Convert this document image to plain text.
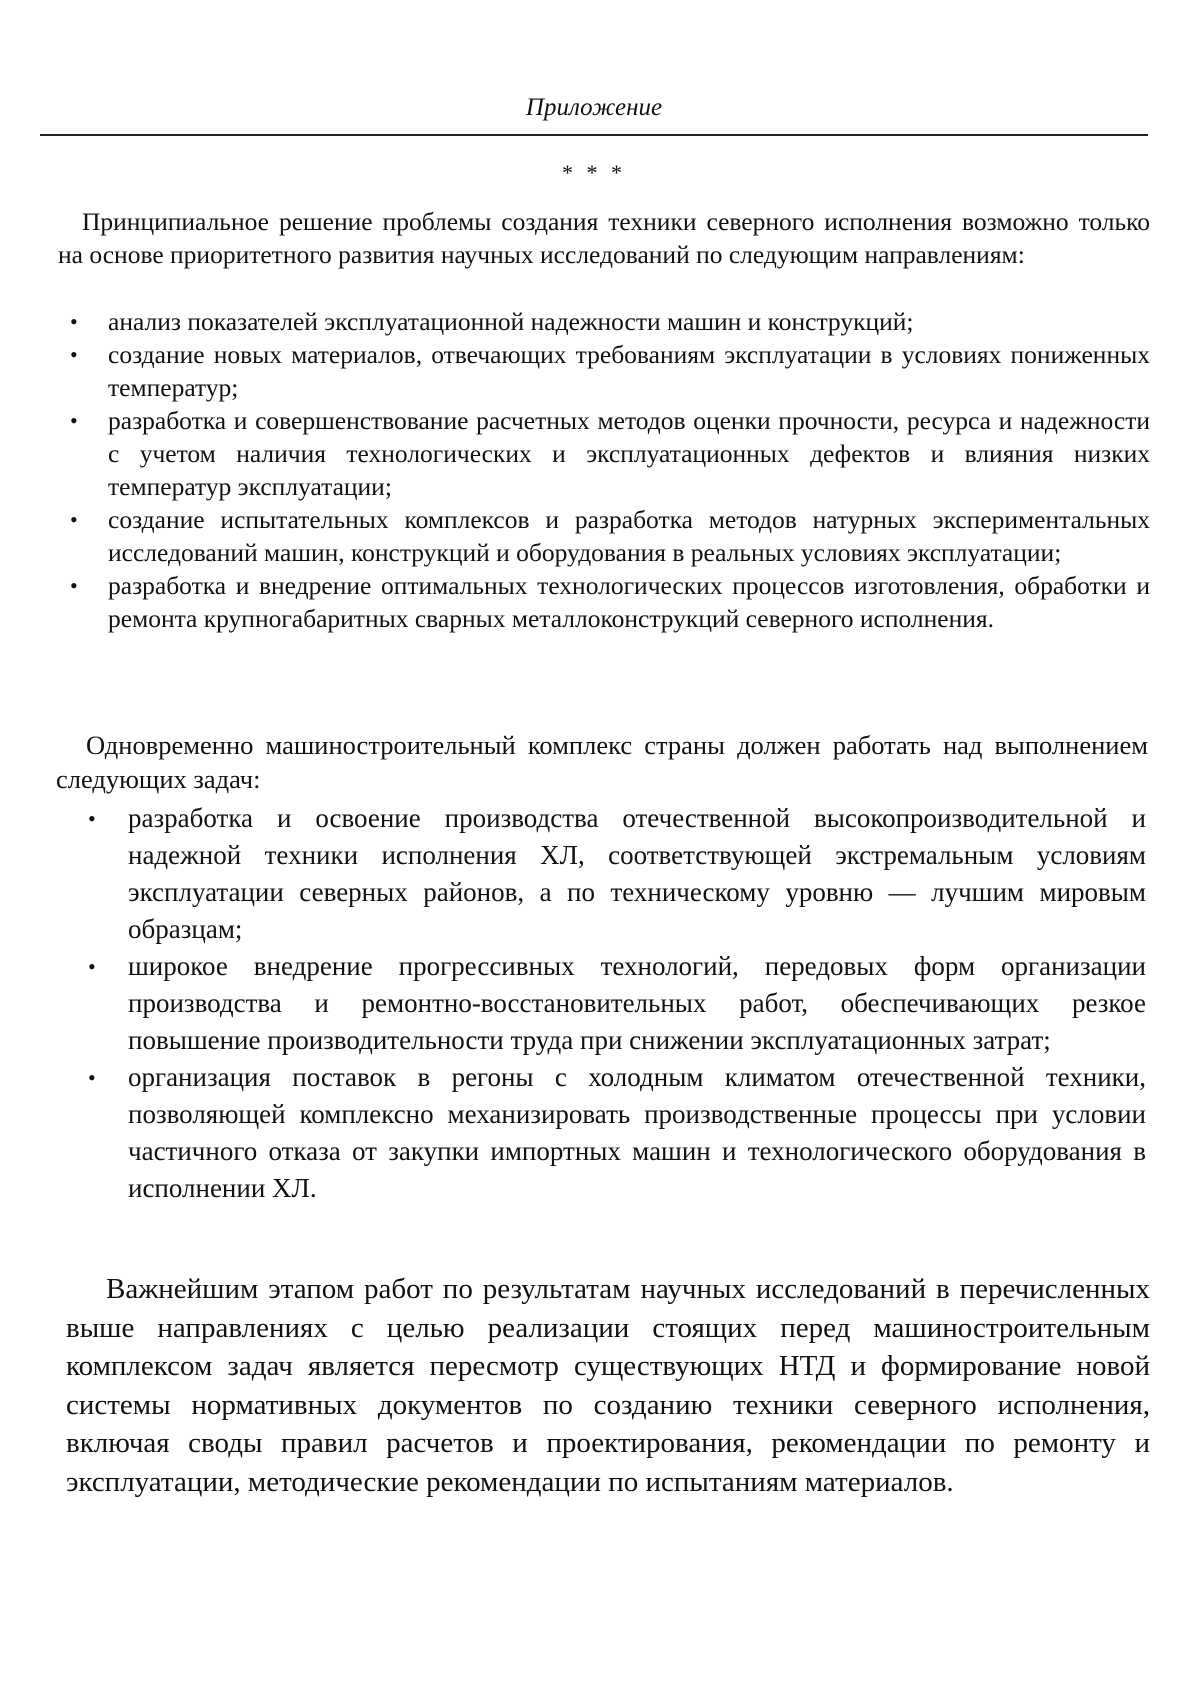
Приложение
* * *

Принципиальное решение проблемы создания техники северного исполнения возможно только на основе приоритетного развития научных исследований по следующим направлениям:

• анализ показателей эксплуатационной надежности машин и конструкций;
• создание новых материалов, отвечающих требованиям эксплуатации в условиях пониженных температур;
• разработка и совершенствование расчетных методов оценки прочности, ресурса и надежности с учетом наличия технологических и эксплуатационных дефектов и влияния низких температур эксплуатации;
• создание испытательных комплексов и разработка методов натурных экспериментальных исследований машин, конструкций и оборудования в реальных условиях эксплуатации;
• разработка и внедрение оптимальных технологических процессов изготовления, обработки и ремонта крупногабаритных сварных металлоконструкций северного исполнения.

Одновременно машиностроительный комплекс страны должен работать над выполнением следующих задач:

• разработка и освоение производства отечественной высокопроизводительной и надежной техники исполнения ХЛ, соответствующей экстремальным условиям эксплуатации северных районов, а по техническому уровню — лучшим мировым образцам;
• широкое внедрение прогрессивных технологий, передовых форм организации производства и ремонтно-восстановительных работ, обеспечивающих резкое повышение производительности труда при снижении эксплуатационных затрат;
• организация поставок в регоны с холодным климатом отечественной техники, позволяющей комплексно механизировать производственные процессы при условии частичного отказа от закупки импортных машин и технологического оборудования в исполнении ХЛ.

Важнейшим этапом работ по результатам научных исследований в перечисленных выше направлениях с целью реализации стоящих перед машиностроительным комплексом задач является пересмотр существующих НТД и формирование новой системы нормативных документов по созданию техники северного исполнения, включая своды правил расчетов и проектирования, рекомендации по ремонту и эксплуатации, методические рекомендации по испытаниям материалов.
